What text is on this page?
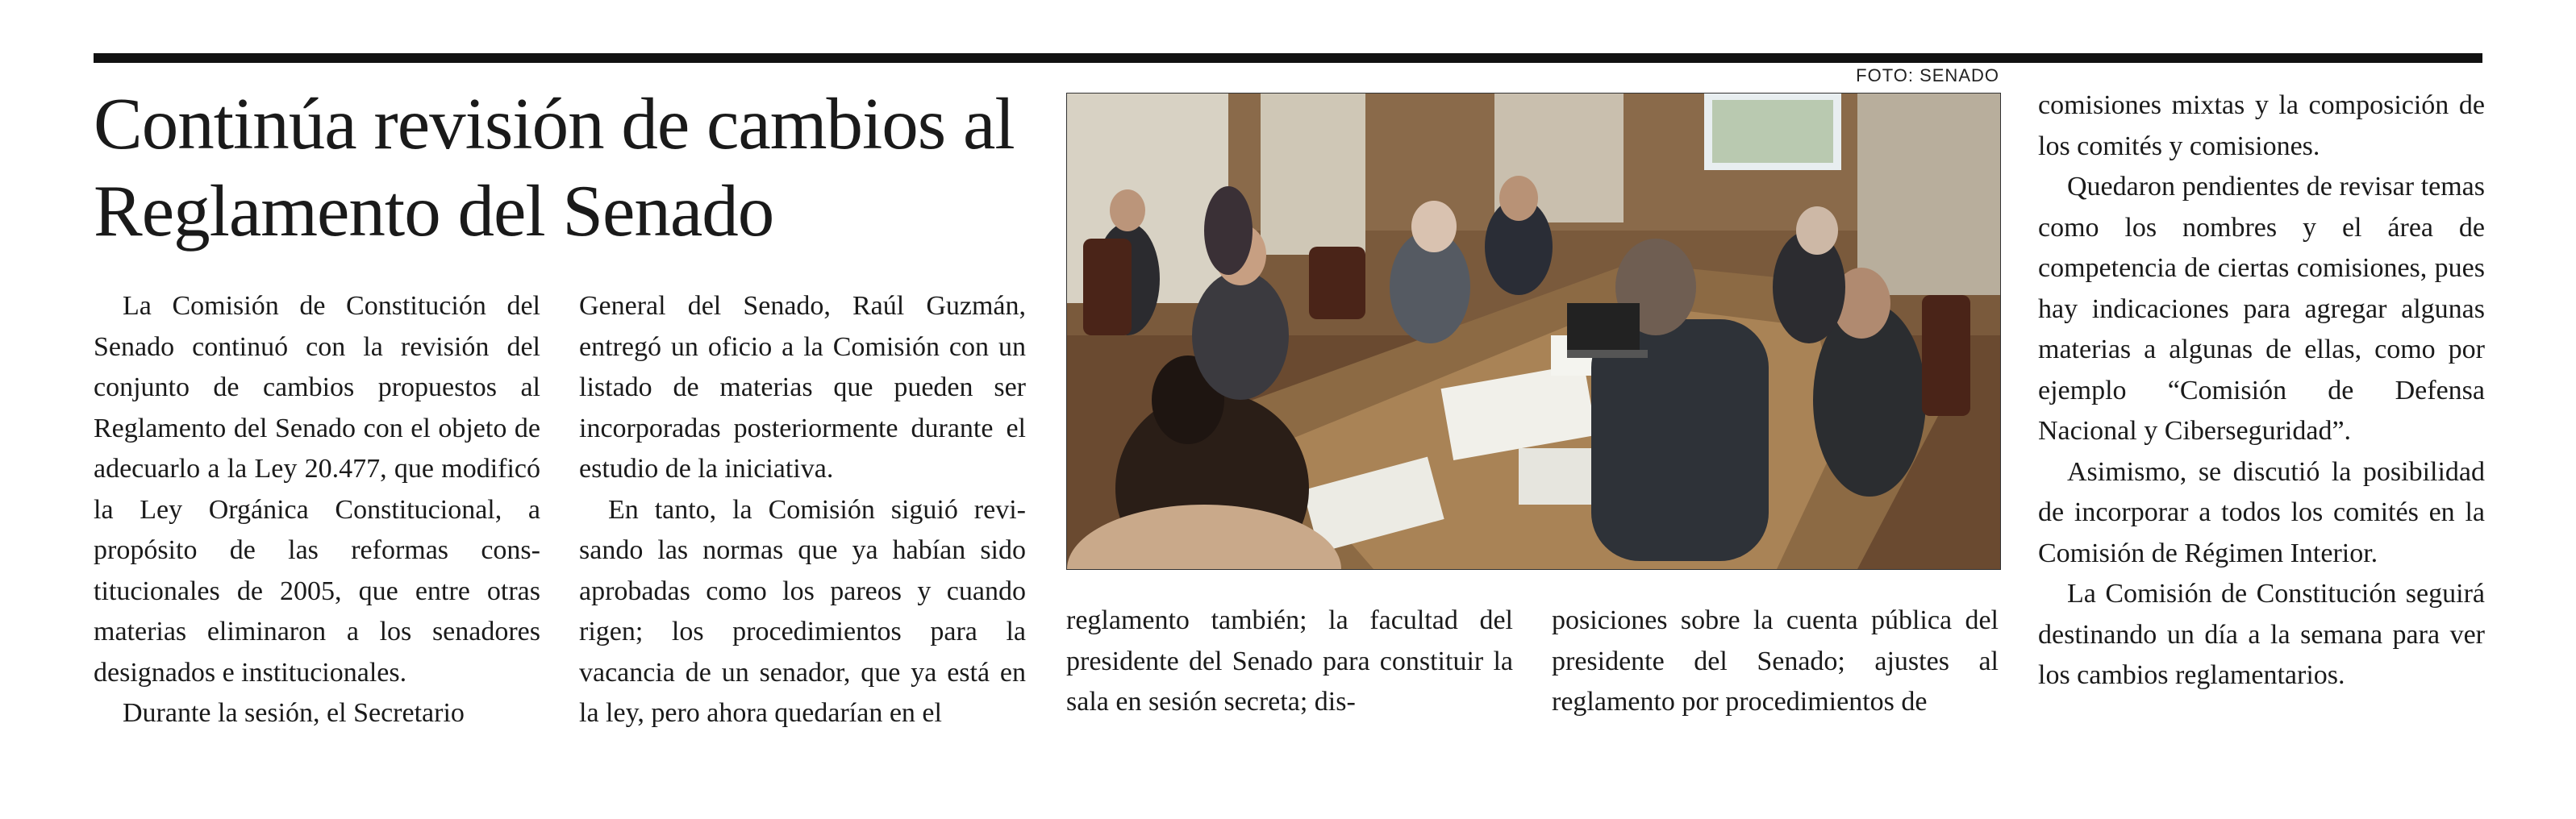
Continúa revisión de cambios al Reglamento del Senado

La Comisión de Constitución del Senado continuó con la revisión del conjunto de cambios propuestos al Reglamento del Senado con el objeto de adecuarlo a la Ley 20.477, que modificó la Ley Orgánica Constitucional, a propósito de las reformas constitucionales de 2005, que entre otras materias eliminaron a los senadores designados e institucionales.

Durante la sesión, el Secretario

General del Senado, Raúl Guzmán, entregó un oficio a la Comisión con un listado de materias que pueden ser incorporadas posteriormente durante el estudio de la iniciativa.

En tanto, la Comisión siguió revisando las normas que ya habían sido aprobadas como los pareos y cuando rigen; los procedimientos para la vacancia de un senador, que ya está en la ley, pero ahora quedarían en el

FOTO: SENADO

reglamento también; la facultad del presidente del Senado para constituir la sala en sesión secreta; dis-

posiciones sobre la cuenta pública del presidente del Senado; ajustes al reglamento por procedimientos de

comisiones mixtas y la composición de los comités y comisiones.

Quedaron pendientes de revisar temas como los nombres y el área de competencia de ciertas comisiones, pues hay indicaciones para agregar algunas materias a algunas de ellas, como por ejemplo “Comisión de Defensa Nacional y Ciberseguridad”.

Asimismo, se discutió la posibilidad de incorporar a todos los comités en la Comisión de Régimen Interior.

La Comisión de Constitución seguirá destinando un día a la semana para ver los cambios reglamentarios.
